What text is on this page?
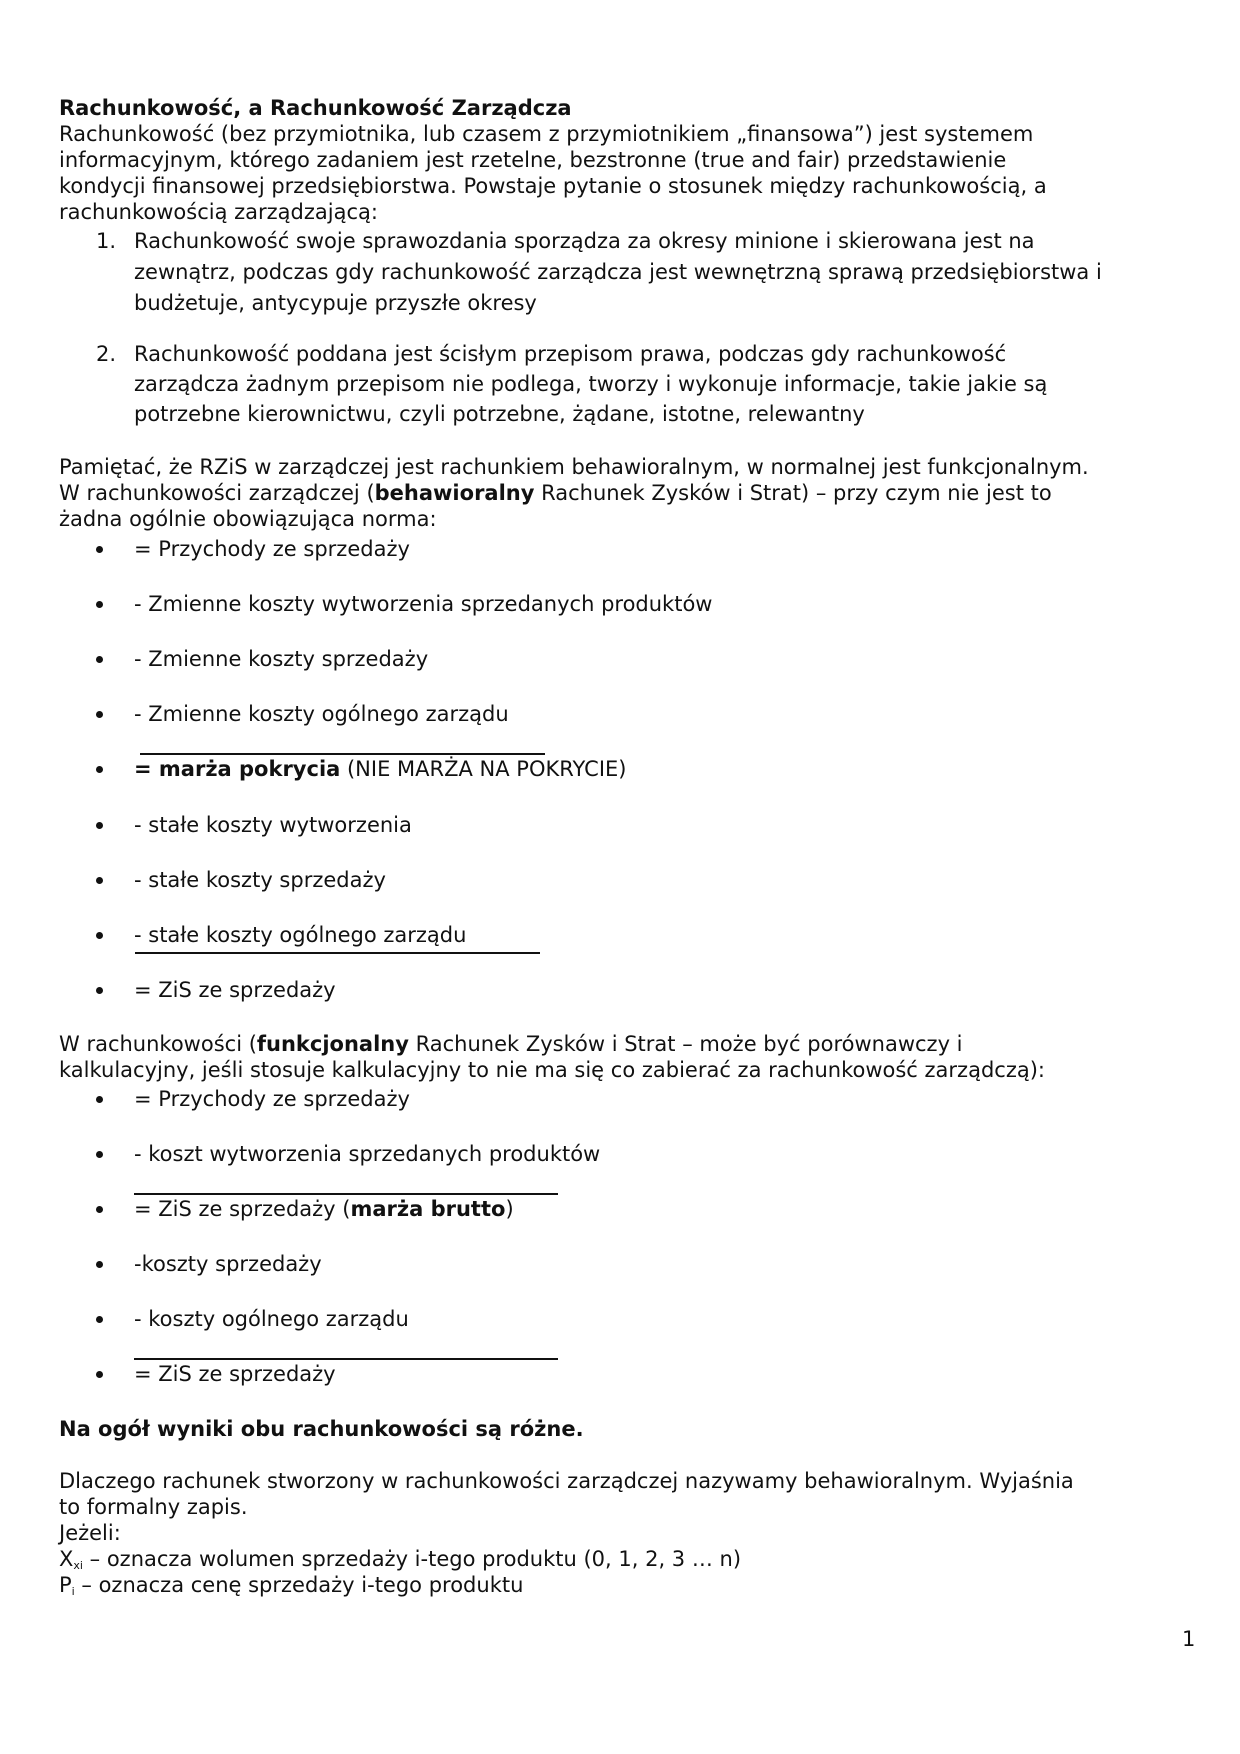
Rachunkowość, a Rachunkowość Zarządcza
Rachunkowość (bez przymiotnika, lub czasem z przymiotnikiem „finansowa”) jest systemem
informacyjnym, którego zadaniem jest rzetelne, bezstronne (true and fair) przedstawienie
kondycji finansowej przedsiębiorstwa. Powstaje pytanie o stosunek między rachunkowością, a
rachunkowością zarządzającą:
1. Rachunkowość swoje sprawozdania sporządza za okresy minione i skierowana jest na
zewnątrz, podczas gdy rachunkowość zarządcza jest wewnętrzną sprawą przedsiębiorstwa i
budżetuje, antycypuje przyszłe okresy
2. Rachunkowość poddana jest ścisłym przepisom prawa, podczas gdy rachunkowość
zarządcza żadnym przepisom nie podlega, tworzy i wykonuje informacje, takie jakie są
potrzebne kierownictwu, czyli potrzebne, żądane, istotne, relewantny
Pamiętać, że RZiS w zarządczej jest rachunkiem behawioralnym, w normalnej jest funkcjonalnym.
W rachunkowości zarządczej (behawioralny Rachunek Zysków i Strat) – przy czym nie jest to
żadna ogólnie obowiązująca norma:
= Przychody ze sprzedaży
- Zmienne koszty wytworzenia sprzedanych produktów
- Zmienne koszty sprzedaży
- Zmienne koszty ogólnego zarządu
= marża pokrycia (NIE MARŻA NA POKRYCIE)
- stałe koszty wytworzenia
- stałe koszty sprzedaży
- stałe koszty ogólnego zarządu
= ZiS ze sprzedaży
W rachunkowości (funkcjonalny Rachunek Zysków i Strat – może być porównawczy i
kalkulacyjny, jeśli stosuje kalkulacyjny to nie ma się co zabierać za rachunkowość zarządczą):
= Przychody ze sprzedaży
- koszt wytworzenia sprzedanych produktów
= ZiS ze sprzedaży (marża brutto)
-koszty sprzedaży
- koszty ogólnego zarządu
= ZiS ze sprzedaży
Na ogół wyniki obu rachunkowości są różne.
Dlaczego rachunek stworzony w rachunkowości zarządczej nazywamy behawioralnym. Wyjaśnia
to formalny zapis.
Jeżeli:
$X_{xi}$ – oznacza wolumen sprzedaży i-tego produktu (0, 1, 2, 3 … n)
$P_i$ – oznacza cenę sprzedaży i-tego produktu
1
